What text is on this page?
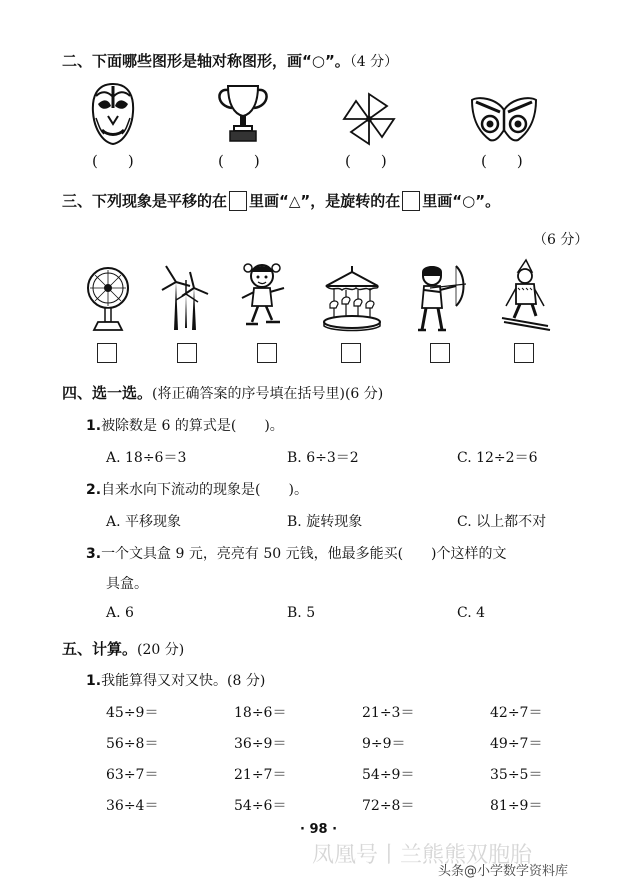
二、下面哪些图形是轴对称图形，画“○”。（4 分）
(　　)	(　　)	(　　)	(　　)
三、下列现象是平移的在 里画“△”，是旋转的在 里画“○”。
（6 分）
四、选一选。(将正确答案的序号填在括号里)(6 分)
1.被除数是 6 的算式是(　　)。
A. 18÷6＝3	B. 6÷3＝2	C. 12÷2＝6
2.自来水向下流动的现象是(　　)。
A. 平移现象	B. 旋转现象	C. 以上都不对
3.一个文具盒 9 元，亮亮有 50 元钱，他最多能买(　　)个这样的文
具盒。
A. 6	B. 5	C. 4
五、计算。(20 分)
1.我能算得又对又快。(8 分)
45÷9＝	18÷6＝	21÷3＝	42÷7＝
56÷8＝	36÷9＝	9÷9＝	49÷7＝
63÷7＝	21÷7＝	54÷9＝	35÷5＝
36÷4＝	54÷6＝	72÷8＝	81÷9＝
· 98 ·
凤凰号丨兰熊熊双胞胎
头条@小学数学资料库
